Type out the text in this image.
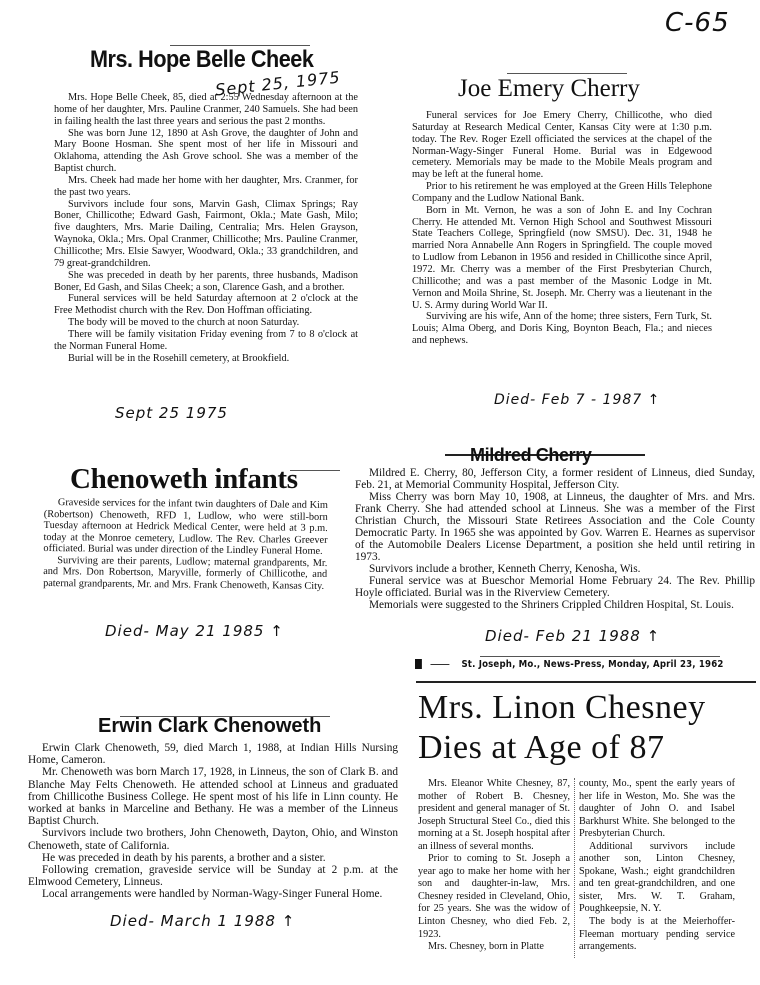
C-65
Mrs. Hope Belle Cheek
Sept 25, 1975

Mrs. Hope Belle Cheek, 85, died at 2:55 Wednesday afternoon at the home of her daughter, Mrs. Pauline Cranmer, 240 Samuels. She had been in failing health the last three years and serious the past 2 months.

She was born June 12, 1890 at Ash Grove, the daughter of John and Mary Boone Hosman. She spent most of her life in Missouri and Oklahoma, attending the Ash Grove school. She was a member of the Baptist church.

Mrs. Cheek had made her home with her daughter, Mrs. Cranmer, for the past two years.

Survivors include four sons, Marvin Gash, Climax Springs; Ray Boner, Chillicothe; Edward Gash, Fairmont, Okla.; Mate Gash, Milo; five daughters, Mrs. Marie Dailing, Centralia; Mrs. Helen Grayson, Waynoka, Okla.; Mrs. Opal Cranmer, Chillicothe; Mrs. Pauline Cranmer, Chillicothe; Mrs. Elsie Sawyer, Woodward, Okla.; 33 grandchildren, and 79 great-grandchildren.

She was preceded in death by her parents, three husbands, Madison Boner, Ed Gash, and Silas Cheek; a son, Clarence Gash, and a brother.

Funeral services will be held Saturday afternoon at 2 o'clock at the Free Methodist church with the Rev. Don Hoffman officiating.

The body will be moved to the church at noon Saturday.

There will be family visitation Friday evening from 7 to 8 o'clock at the Norman Funeral Home.

Burial will be in the Rosehill cemetery, at Brookfield.

Sept 25 1975
Joe Emery Cherry

Funeral services for Joe Emery Cherry, Chillicothe, who died Saturday at Research Medical Center, Kansas City were at 1:30 p.m. today. The Rev. Roger Ezell officiated the services at the chapel of the Norman-Wagy-Singer Funeral Home. Burial was in Edgewood cemetery. Memorials may be made to the Mobile Meals program and may be left at the funeral home.

Prior to his retirement he was employed at the Green Hills Telephone Company and the Ludlow National Bank.

Born in Mt. Vernon, he was a son of John E. and Iny Cochran Cherry. He attended Mt. Vernon High School and Southwest Missouri State Teachers College, Springfield (now SMSU). Dec. 31, 1948 he married Nora Annabelle Ann Rogers in Springfield. The couple moved to Ludlow from Lebanon in 1956 and resided in Chillicothe since April, 1972. Mr. Cherry was a member of the First Presbyterian Church, Chillicothe; and was a past member of the Masonic Lodge in Mt. Vernon and Moila Shrine, St. Joseph. Mr. Cherry was a lieutenant in the U. S. Army during World War II.

Surviving are his wife, Ann of the home; three sisters, Fern Turk, St. Louis; Alma Oberg, and Doris King, Boynton Beach, Fla.; and nieces and nephews.

Died- Feb 7 - 1987 ↑
Chenoweth infants

Graveside services for the infant twin daughters of Dale and Kim (Robertson) Chenoweth, RFD 1, Ludlow, who were still-born Tuesday afternoon at Hedrick Medical Center, were held at 3 p.m. today at the Monroe cemetery, Ludlow. The Rev. Charles Greever officiated. Burial was under direction of the Lindley Funeral Home.

Surviving are their parents, Ludlow; maternal grandparents, Mr. and Mrs. Don Robertson, Maryville, formerly of Chillicothe, and paternal grandparents, Mr. and Mrs. Frank Chenoweth, Kansas City.

Died- May 21 1985 ↑
Mildred Cherry

Mildred E. Cherry, 80, Jefferson City, a former resident of Linneus, died Sunday, Feb. 21, at Memorial Community Hospital, Jefferson City.

Miss Cherry was born May 10, 1908, at Linneus, the daughter of Mrs. and Mrs. Frank Cherry. She had attended school at Linneus. She was a member of the First Christian Church, the Missouri State Retirees Association and the Cole County Democratic Party. In 1965 she was appointed by Gov. Warren E. Hearnes as supervisor of the Automobile Dealers License Department, a position she held until retiring in 1973.

Survivors include a brother, Kenneth Cherry, Kenosha, Wis.

Funeral service was at Bueschor Memorial Home February 24. The Rev. Phillip Hoyle officiated. Burial was in the Riverview Cemetery.

Memorials were suggested to the Shriners Crippled Children Hospital, St. Louis.

Died- Feb 21 1988 ↑
St. Joseph, Mo., News-Press, Monday, April 23, 1962
Erwin Clark Chenoweth

Erwin Clark Chenoweth, 59, died March 1, 1988, at Indian Hills Nursing Home, Cameron.

Mr. Chenoweth was born March 17, 1928, in Linneus, the son of Clark B. and Blanche May Felts Chenoweth. He attended school at Linneus and graduated from Chillicothe Business College. He spent most of his life in Linn county. He worked at banks in Marceline and Bethany. He was a member of the Linneus Baptist Church.

Survivors include two brothers, John Chenoweth, Dayton, Ohio, and Winston Chenoweth, state of California.

He was preceded in death by his parents, a brother and a sister.

Following cremation, graveside service will be Sunday at 2 p.m. at the Elmwood Cemetery, Linneus.

Local arrangements were handled by Norman-Wagy-Singer Funeral Home.

Died- March 1 1988 ↑
Mrs. Linon Chesney
Dies at Age of 87

Mrs. Eleanor White Chesney, 87, mother of Robert B. Chesney, president and general manager of St. Joseph Structural Steel Co., died this morning at a St. Joseph hospital after an illness of several months.

Prior to coming to St. Joseph a year ago to make her home with her son and daughter-in-law, Mrs. Chesney resided in Cleveland, Ohio, for 25 years. She was the widow of Linton Chesney, who died Feb. 2, 1923.

Mrs. Chesney, born in Platte

county, Mo., spent the early years of her life in Weston, Mo. She was the daughter of John O. and Isabel Barkhurst White. She belonged to the Presbyterian Church.

Additional survivors include another son, Linton Chesney, Spokane, Wash.; eight grandchildren and ten great-grandchildren, and one sister, Mrs. W. T. Graham, Poughkeepsie, N. Y.

The body is at the Meierhoffer-Fleeman mortuary pending service arrangements.
